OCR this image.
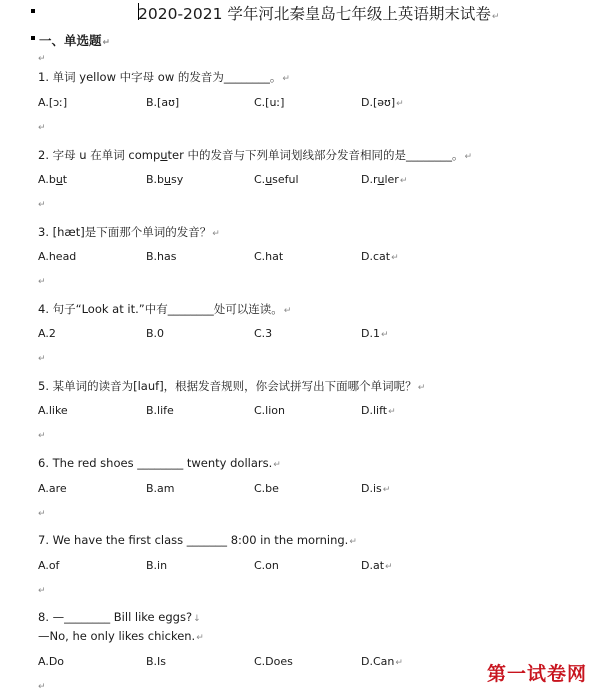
2020-2021 学年河北秦皇岛七年级上英语期末试卷↵
一、单选题↵
↵
1. 单词 yellow 中字母 ow 的发音为________。↵
A.[ɔː]	B.[aʊ]	C.[uː]	D.[əʊ]↵
↵
2. 字母 u 在单词 computer 中的发音与下列单词划线部分发音相同的是________。↵
A.but	B.busy	C.useful	D.ruler↵
↵
3. [hæt]是下面那个单词的发音？↵
A.head	B.has	C.hat	D.cat↵
↵
4. 句子“Look at it.”中有________处可以连读。↵
A.2	B.0	C.3	D.1↵
↵
5. 某单词的读音为[lauf]，根据发音规则，你会试拼写出下面哪个单词呢？↵
A.like	B.life	C.lion	D.lift↵
↵
6. The red shoes ________ twenty dollars.↵
A.are	B.am	C.be	D.is↵
↵
7. We have the first class _______ 8:00 in the morning.↵
A.of	B.in	C.on	D.at↵
↵
8. —________ Bill like eggs?↓
—No, he only likes chicken.↵
A.Do	B.Is	C.Does	D.Can↵
↵
第一试卷网
